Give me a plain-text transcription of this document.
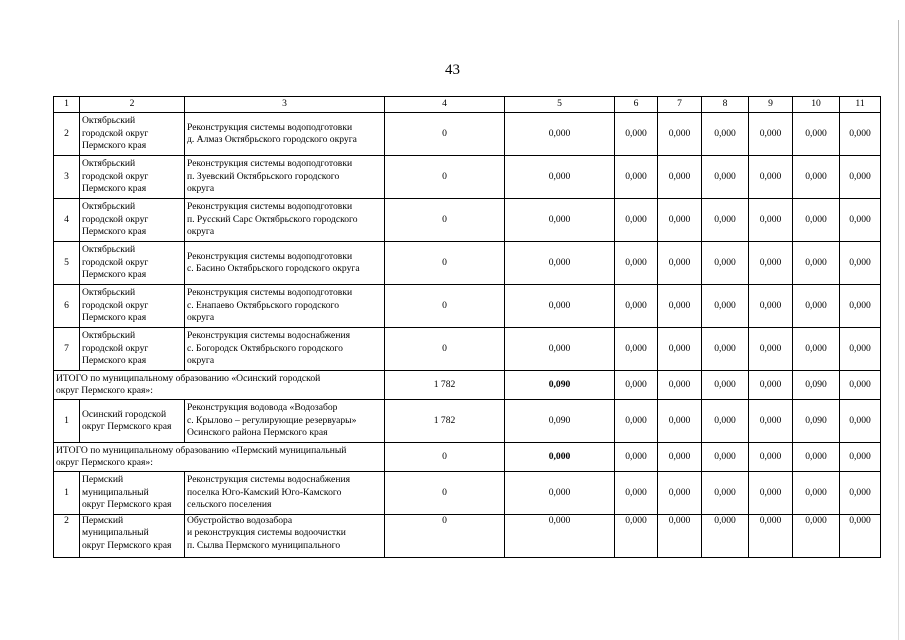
43
1	2	3	4	5	6	7	8	9	10	11
2	Октябрьский
городской округ
Пермского края	Реконструкция системы водоподготовки
д. Алмаз Октябрьского городского округа	0	0,000	0,000	0,000	0,000	0,000	0,000	0,000
3	Октябрьский
городской округ
Пермского края	Реконструкция системы водоподготовки
п. Зуевский Октябрьского городского
округа	0	0,000	0,000	0,000	0,000	0,000	0,000	0,000
4	Октябрьский
городской округ
Пермского края	Реконструкция системы водоподготовки
п. Русский Сарс Октябрьского городского
округа	0	0,000	0,000	0,000	0,000	0,000	0,000	0,000
5	Октябрьский
городской округ
Пермского края	Реконструкция системы водоподготовки
с. Басино Октябрьского городского округа	0	0,000	0,000	0,000	0,000	0,000	0,000	0,000
6	Октябрьский
городской округ
Пермского края	Реконструкция системы водоподготовки
с. Енапаево Октябрьского городского
округа	0	0,000	0,000	0,000	0,000	0,000	0,000	0,000
7	Октябрьский
городской округ
Пермского края	Реконструкция системы водоснабжения
с. Богородск Октябрьского городского
округа	0	0,000	0,000	0,000	0,000	0,000	0,000	0,000

ИТОГО по муниципальному образованию «Осинский городской
округ Пермского края»:			1 782	0,090	0,000	0,000	0,000	0,000	0,090	0,000
1	Осинский городской
округ Пермского края	Реконструкция водовода «Водозабор
с. Крылово – регулирующие резервуары»
Осинского района Пермского края	1 782	0,090	0,000	0,000	0,000	0,000	0,090	0,000

ИТОГО по муниципальному образованию «Пермский муниципальный
округ Пермского края»:			0	0,000	0,000	0,000	0,000	0,000	0,000	0,000
1	Пермский
муниципальный
округ Пермского края	Реконструкция системы водоснабжения
поселка Юго-Камский Юго-Камского
сельского поселения	0	0,000	0,000	0,000	0,000	0,000	0,000	0,000
2	Пермский
муниципальный
округ Пермского края	Обустройство водозабора
и реконструкция системы водоочистки
п. Сылва Пермского муниципального	0	0,000	0,000	0,000	0,000	0,000	0,000	0,000
